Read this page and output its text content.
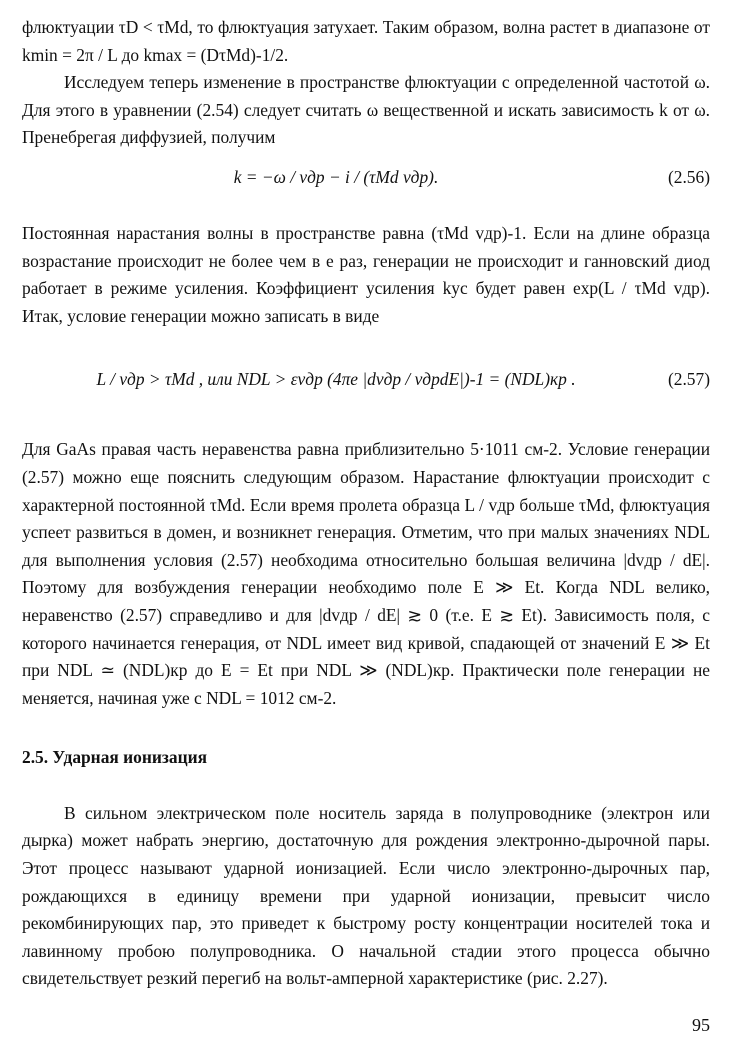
флюктуации τD < τMd, то флюктуация затухает. Таким образом, волна растет в диапазоне от kmin = 2π / L до kmax = (DτMd)-1/2.

Исследуем теперь изменение в пространстве флюктуации с определенной частотой ω. Для этого в уравнении (2.54) следует считать ω вещественной и искать зависимость k от ω. Пренебрегая диффузией, получим

k = −ω / vдр − i / (τMd vдр).	(2.56)

Постоянная нарастания волны в пространстве равна (τMd vдр)-1. Если на длине образца возрастание происходит не более чем в e раз, генерации не происходит и ганновский диод работает в режиме усиления. Коэффициент усиления kус будет равен exp(L / τMd vдр). Итак, условие генерации можно записать в виде

L / vдр > τMd , или NDL > εvдр (4πe |dvдр / vдрdE|)-1 = (NDL)кр .	(2.57)

Для GaAs правая часть неравенства равна приблизительно 5·1011 см-2. Условие генерации (2.57) можно еще пояснить следующим образом. Нарастание флюктуации происходит с характерной постоянной τMd. Если время пролета образца L / vдр больше τMd, флюктуация успеет развиться в домен, и возникнет генерация. Отметим, что при малых значениях NDL для выполнения условия (2.57) необходима относительно большая величина |dvдр / dE|. Поэтому для возбуждения генерации необходимо поле E ≫ Et. Когда NDL велико, неравенство (2.57) справедливо и для |dvдр / dE| ≳ 0 (т.е. E ≳ Et). Зависимость поля, с которого начинается генерация, от NDL имеет вид кривой, спадающей от значений E ≫ Et при NDL ≃ (NDL)кр до E = Et при NDL ≫ (NDL)кр. Практически поле генерации не меняется, начиная уже с NDL = 1012 см-2.

2.5. Ударная ионизация

В сильном электрическом поле носитель заряда в полупроводнике (электрон или дырка) может набрать энергию, достаточную для рождения электронно-дырочной пары. Этот процесс называют ударной ионизацией. Если число электронно-дырочных пар, рождающихся в единицу времени при ударной ионизации, превысит число рекомбинирующих пар, это приведет к быстрому росту концентрации носителей тока и лавинному пробою полупроводника. О начальной стадии этого процесса обычно свидетельствует резкий перегиб на вольт-амперной характеристике (рис. 2.27).

95
